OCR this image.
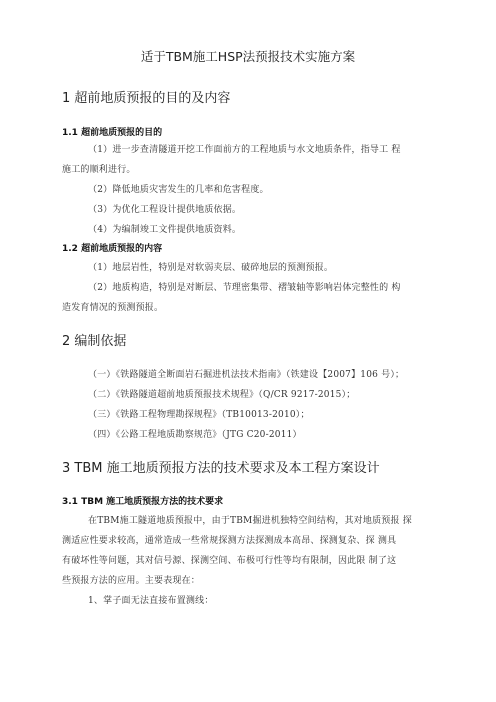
适于TBM施工HSP法预报技术实施方案
1 超前地质预报的目的及内容
1.1 超前地质预报的目的
（1）进一步查清隧道开挖工作面前方的工程地质与水文地质条件，指导工 程
施工的顺利进行。
（2）降低地质灾害发生的几率和危害程度。
（3）为优化工程设计提供地质依据。
（4）为编制竣工文件提供地质资料。
1.2 超前地质预报的内容
（1）地层岩性，特别是对软弱夹层、破碎地层的预测预报。
（2）地质构造，特别是对断层、节理密集带、褶皱轴等影响岩体完整性的 构
造发育情况的预测预报。
2 编制依据
（一）《铁路隧道全断面岩石掘进机法技术指南》（铁建设【2007】106 号）；
（二）《铁路隧道超前地质预报技术规程》（Q/CR 9217-2015）；
（三）《铁路工程物理勘探规程》（TB10013-2010）；
（四）《公路工程地质勘察规范》（JTG C20-2011）
3 TBM 施工地质预报方法的技术要求及本工程方案设计
3.1 TBM 施工地质预报方法的技术要求
在TBM施工隧道地质预报中，由于TBM掘进机独特空间结构，其对地质预报 探
测适应性要求较高，通常造成一些常规探测方法探测成本高昂、探测复杂、探 测具
有破坏性等问题，其对信号源、探测空间、布极可行性等均有限制，因此限 制了这
些预报方法的应用。主要表现在：
1、掌子面无法直接布置测线：
